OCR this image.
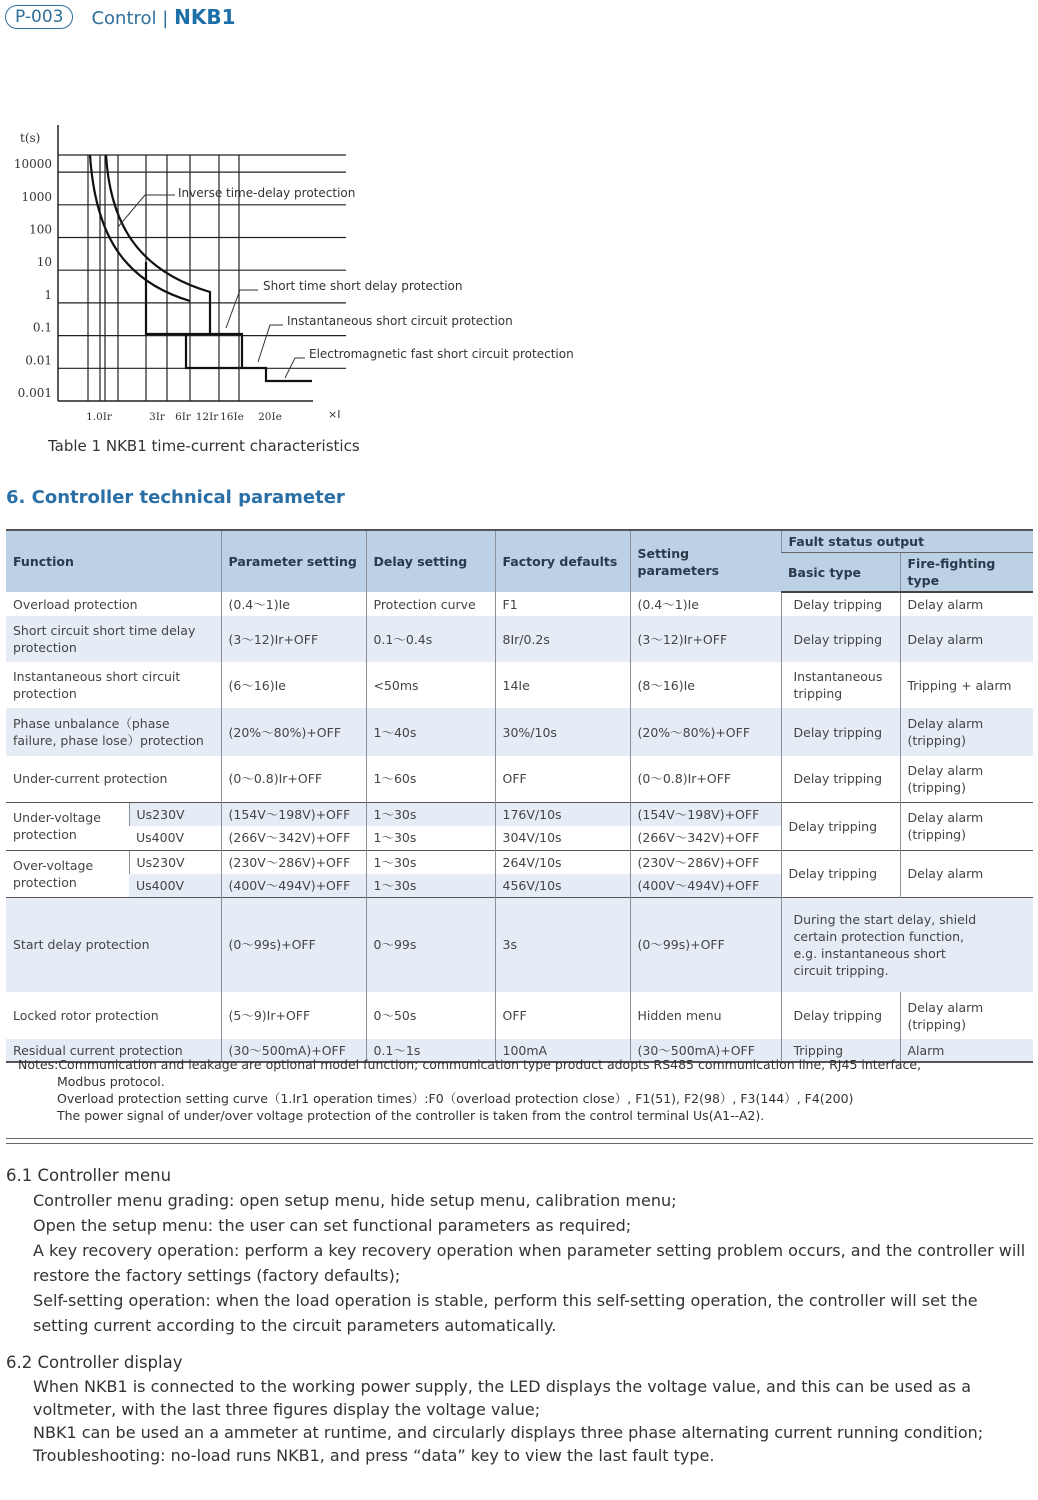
P-003	Control | NKB1
t(s)
10000
1000
100
10
1
0.1
0.01
0.001
1.0Ir	3Ir 6Ir 12Ir 16Ie 20Ie	×I
Inverse time-delay protection
Short time short delay protection
Instantaneous short circuit protection
Electromagnetic fast short circuit protection
Table 1 NKB1 time-current characteristics
6. Controller technical parameter
Function		Parameter setting	Delay setting	Factory defaults	Setting parameters	Fault status output	
						Basic type	Fire-fighting type
Overload protection		(0.4～1)Ie	Protection curve	F1	(0.4～1)Ie	Delay tripping	Delay alarm
Short circuit short time delay protection		(3～12)Ir+OFF	0.1～0.4s	8Ir/0.2s	(3～12)Ir+OFF	Delay tripping	Delay alarm
Instantaneous short circuit protection		(6～16)Ie	<50ms	14Ie	(8～16)Ie	Instantaneous tripping	Tripping + alarm
Phase unbalance（phase failure, phase lose）protection		(20%～80%)+OFF	1～40s	30%/10s	(20%～80%)+OFF	Delay tripping	Delay alarm (tripping)
Under-current protection		(0～0.8)Ir+OFF	1～60s	OFF	(0～0.8)Ir+OFF	Delay tripping	Delay alarm (tripping)
Under-voltage protection	Us230V	(154V～198V)+OFF	1～30s	176V/10s	(154V～198V)+OFF	Delay tripping	Delay alarm (tripping)
	Us400V	(266V～342V)+OFF	1～30s	304V/10s	(266V～342V)+OFF		
Over-voltage protection	Us230V	(230V～286V)+OFF	1～30s	264V/10s	(230V～286V)+OFF	Delay tripping	Delay alarm
	Us400V	(400V～494V)+OFF	1～30s	456V/10s	(400V～494V)+OFF		
Start delay protection		(0～99s)+OFF	0～99s	3s	(0～99s)+OFF	During the start delay, shield certain protection function, e.g. instantaneous short circuit tripping.	
Locked rotor protection		(5～9)Ir+OFF	0～50s	OFF	Hidden menu	Delay tripping	Delay alarm (tripping)
Residual current protection		(30～500mA)+OFF	0.1～1s	100mA	(30～500mA)+OFF	Tripping	Alarm
Notes:Communication and leakage are optional model function; communication type product adopts RS485 communication line, RJ45 interface,
Modbus protocol.
Overload protection setting curve（1.Ir1 operation times）:F0（overload protection close）, F1(51), F2(98）, F3(144）, F4(200)
The power signal of under/over voltage protection of the controller is taken from the control terminal Us(A1--A2).
6.1 Controller menu

Controller menu grading: open setup menu, hide setup menu, calibration menu;

Open the setup menu: the user can set functional parameters as required;

A key recovery operation: perform a key recovery operation when parameter setting problem occurs, and the controller will restore the factory settings (factory defaults);

Self-setting operation: when the load operation is stable, perform this self-setting operation, the controller will set the setting current according to the circuit parameters automatically.

6.2 Controller display

When NKB1 is connected to the working power supply, the LED displays the voltage value, and this can be used as a voltmeter, with the last three figures display the voltage value;

NBK1 can be used an a ammeter at runtime, and circularly displays three phase alternating current running condition;

Troubleshooting: no-load runs NKB1, and press “data” key to view the last fault type.
